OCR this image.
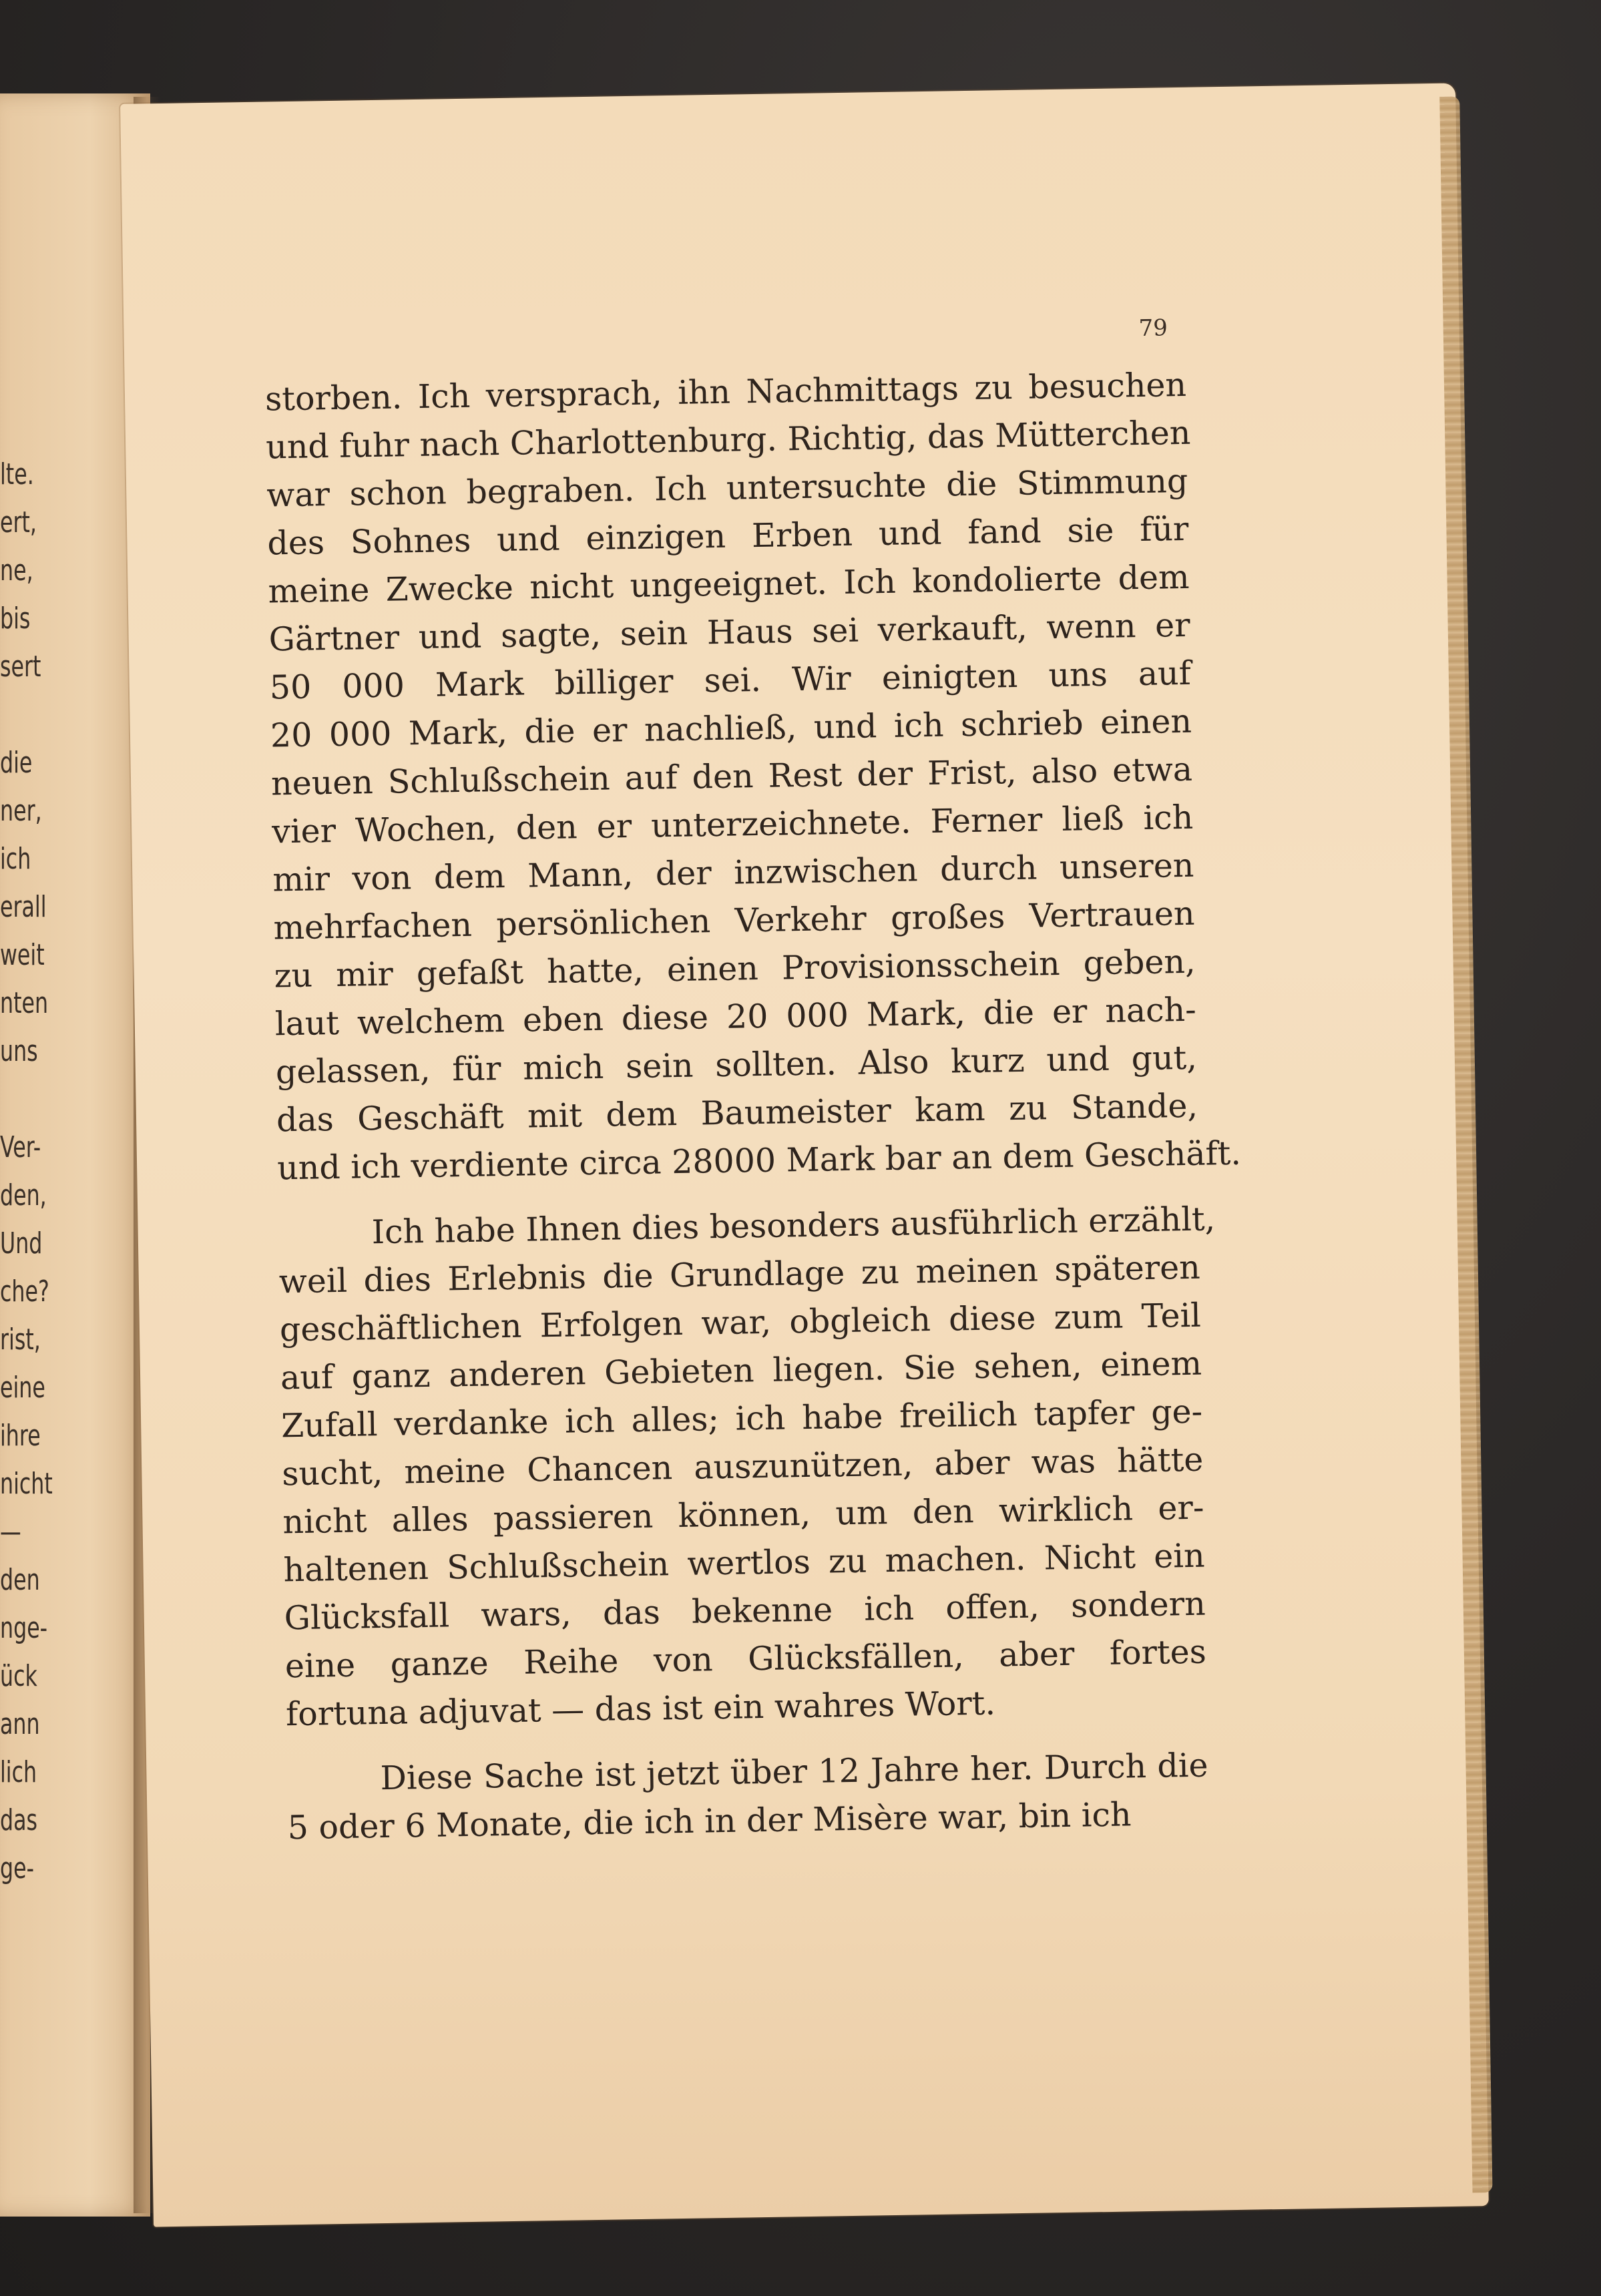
lte.
ert,
ne,
bis
sert
die
ner,
ich
erall
weit
nten
uns
Ver-
den,
Und
che?
rist,
eine
ihre
nicht
—
den
nge-
ück
ann
lich
das
ge-
79
storben. Ich versprach, ihn Nachmittags zu besuchen
und fuhr nach Charlottenburg. Richtig, das Mütterchen
war schon begraben. Ich untersuchte die Stimmung
des Sohnes und einzigen Erben und fand sie für
meine Zwecke nicht ungeeignet. Ich kondolierte dem
Gärtner und sagte, sein Haus sei verkauft, wenn er
50 000 Mark billiger sei. Wir einigten uns auf
20 000 Mark, die er nachließ, und ich schrieb einen
neuen Schlußschein auf den Rest der Frist, also etwa
vier Wochen, den er unterzeichnete. Ferner ließ ich
mir von dem Mann, der inzwischen durch unseren
mehrfachen persönlichen Verkehr großes Vertrauen
zu mir gefaßt hatte, einen Provisionsschein geben,
laut welchem eben diese 20 000 Mark, die er nach-
gelassen, für mich sein sollten. Also kurz und gut,
das Geschäft mit dem Baumeister kam zu Stande,
und ich verdiente circa 28000 Mark bar an dem Geschäft.
Ich habe Ihnen dies besonders ausführlich erzählt,
weil dies Erlebnis die Grundlage zu meinen späteren
geschäftlichen Erfolgen war, obgleich diese zum Teil
auf ganz anderen Gebieten liegen. Sie sehen, einem
Zufall verdanke ich alles; ich habe freilich tapfer ge-
sucht, meine Chancen auszunützen, aber was hätte
nicht alles passieren können, um den wirklich er-
haltenen Schlußschein wertlos zu machen. Nicht ein
Glücksfall wars, das bekenne ich offen, sondern
eine ganze Reihe von Glücksfällen, aber fortes
fortuna adjuvat — das ist ein wahres Wort.
Diese Sache ist jetzt über 12 Jahre her. Durch die
5 oder 6 Monate, die ich in der Misère war, bin ich
